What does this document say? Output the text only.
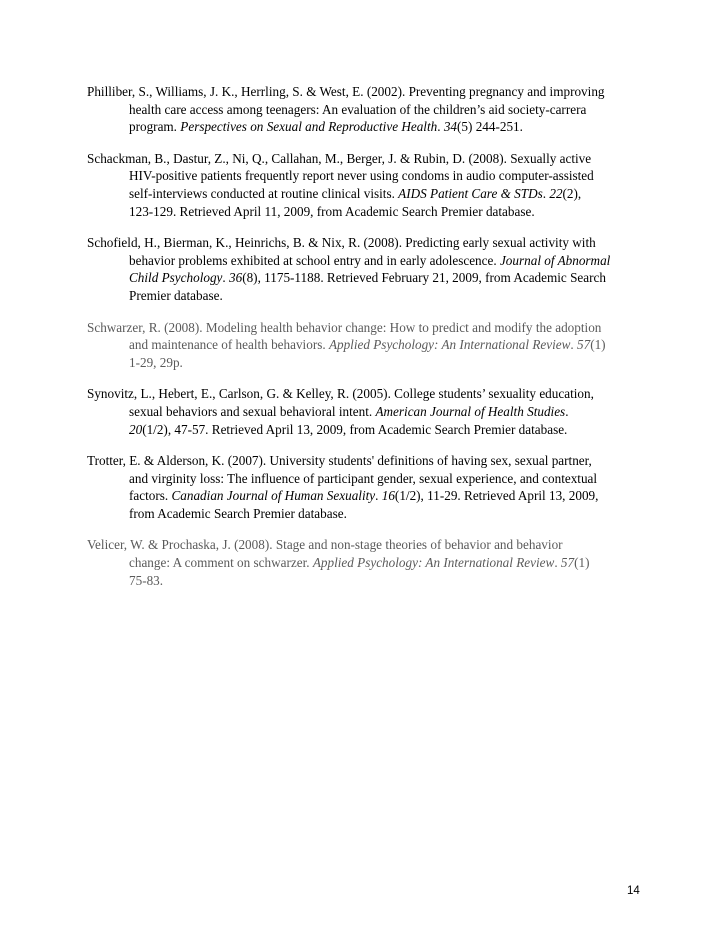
Philliber, S., Williams, J. K., Herrling, S. & West, E. (2002). Preventing pregnancy and improving
health care access among teenagers: An evaluation of the children’s aid society-carrera
program. Perspectives on Sexual and Reproductive Health. 34(5) 244-251.
Schackman, B., Dastur, Z., Ni, Q., Callahan, M., Berger, J. & Rubin, D. (2008). Sexually active
HIV-positive patients frequently report never using condoms in audio computer-assisted
self-interviews conducted at routine clinical visits. AIDS Patient Care & STDs. 22(2),
123-129. Retrieved April 11, 2009, from Academic Search Premier database.
Schofield, H., Bierman, K., Heinrichs, B. & Nix, R. (2008). Predicting early sexual activity with
behavior problems exhibited at school entry and in early adolescence. Journal of Abnormal
Child Psychology. 36(8), 1175-1188. Retrieved February 21, 2009, from Academic Search
Premier database.
Schwarzer, R. (2008). Modeling health behavior change: How to predict and modify the adoption
and maintenance of health behaviors. Applied Psychology: An International Review. 57(1)
1-29, 29p.
Synovitz, L., Hebert, E., Carlson, G. & Kelley, R. (2005). College students’ sexuality education,
sexual behaviors and sexual behavioral intent. American Journal of Health Studies.
20(1/2), 47-57. Retrieved April 13, 2009, from Academic Search Premier database.
Trotter, E. & Alderson, K. (2007). University students' definitions of having sex, sexual partner,
and virginity loss: The influence of participant gender, sexual experience, and contextual
factors. Canadian Journal of Human Sexuality. 16(1/2), 11-29. Retrieved April 13, 2009,
from Academic Search Premier database.
Velicer, W. & Prochaska, J. (2008). Stage and non-stage theories of behavior and behavior
change: A comment on schwarzer. Applied Psychology: An International Review. 57(1)
75-83.
14
